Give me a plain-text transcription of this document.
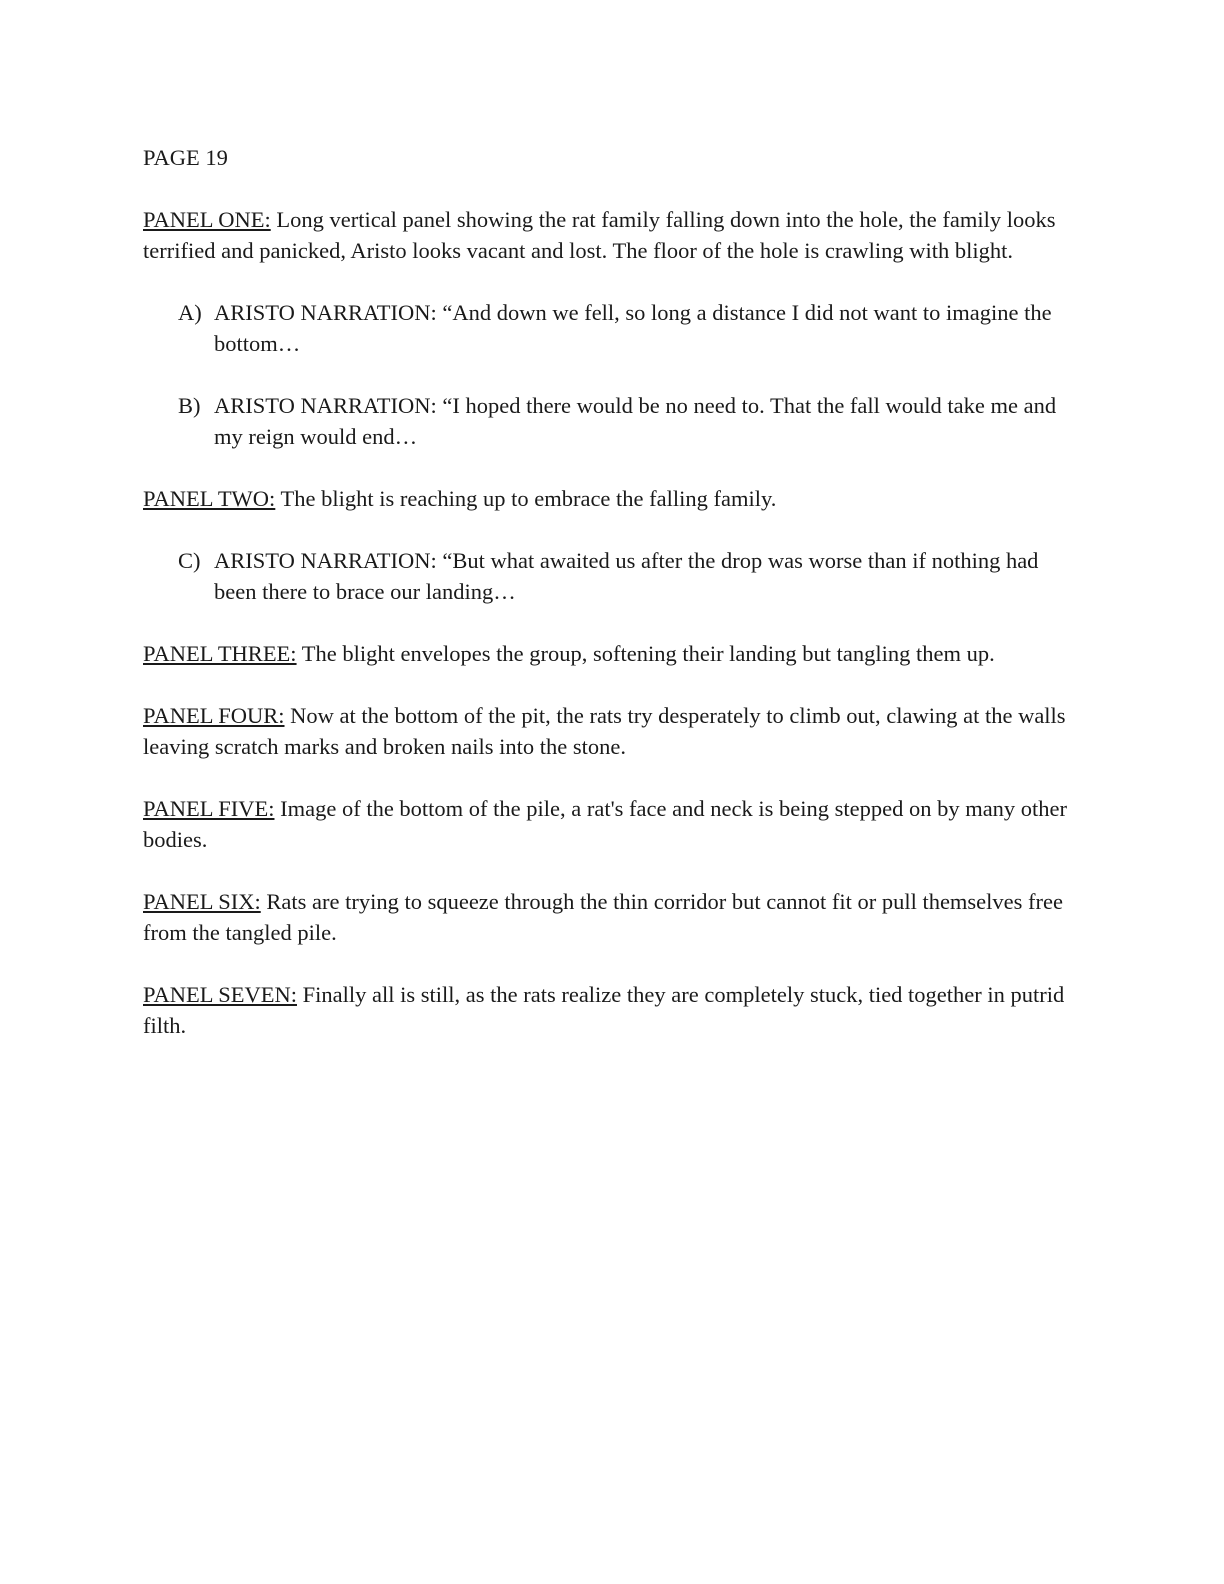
PAGE 19

PANEL ONE: Long vertical panel showing the rat family falling down into the hole, the family looks terrified and panicked, Aristo looks vacant and lost. The floor of the hole is crawling with blight.

A) ARISTO NARRATION: “And down we fell, so long a distance I did not want to imagine the bottom…

B) ARISTO NARRATION: “I hoped there would be no need to. That the fall would take me and my reign would end…

PANEL TWO: The blight is reaching up to embrace the falling family.

C) ARISTO NARRATION: “But what awaited us after the drop was worse than if nothing had been there to brace our landing…

PANEL THREE: The blight envelopes the group, softening their landing but tangling them up.

PANEL FOUR: Now at the bottom of the pit, the rats try desperately to climb out, clawing at the walls leaving scratch marks and broken nails into the stone.

PANEL FIVE: Image of the bottom of the pile, a rat's face and neck is being stepped on by many other bodies.

PANEL SIX: Rats are trying to squeeze through the thin corridor but cannot fit or pull themselves free from the tangled pile.

PANEL SEVEN: Finally all is still, as the rats realize they are completely stuck, tied together in putrid filth.
